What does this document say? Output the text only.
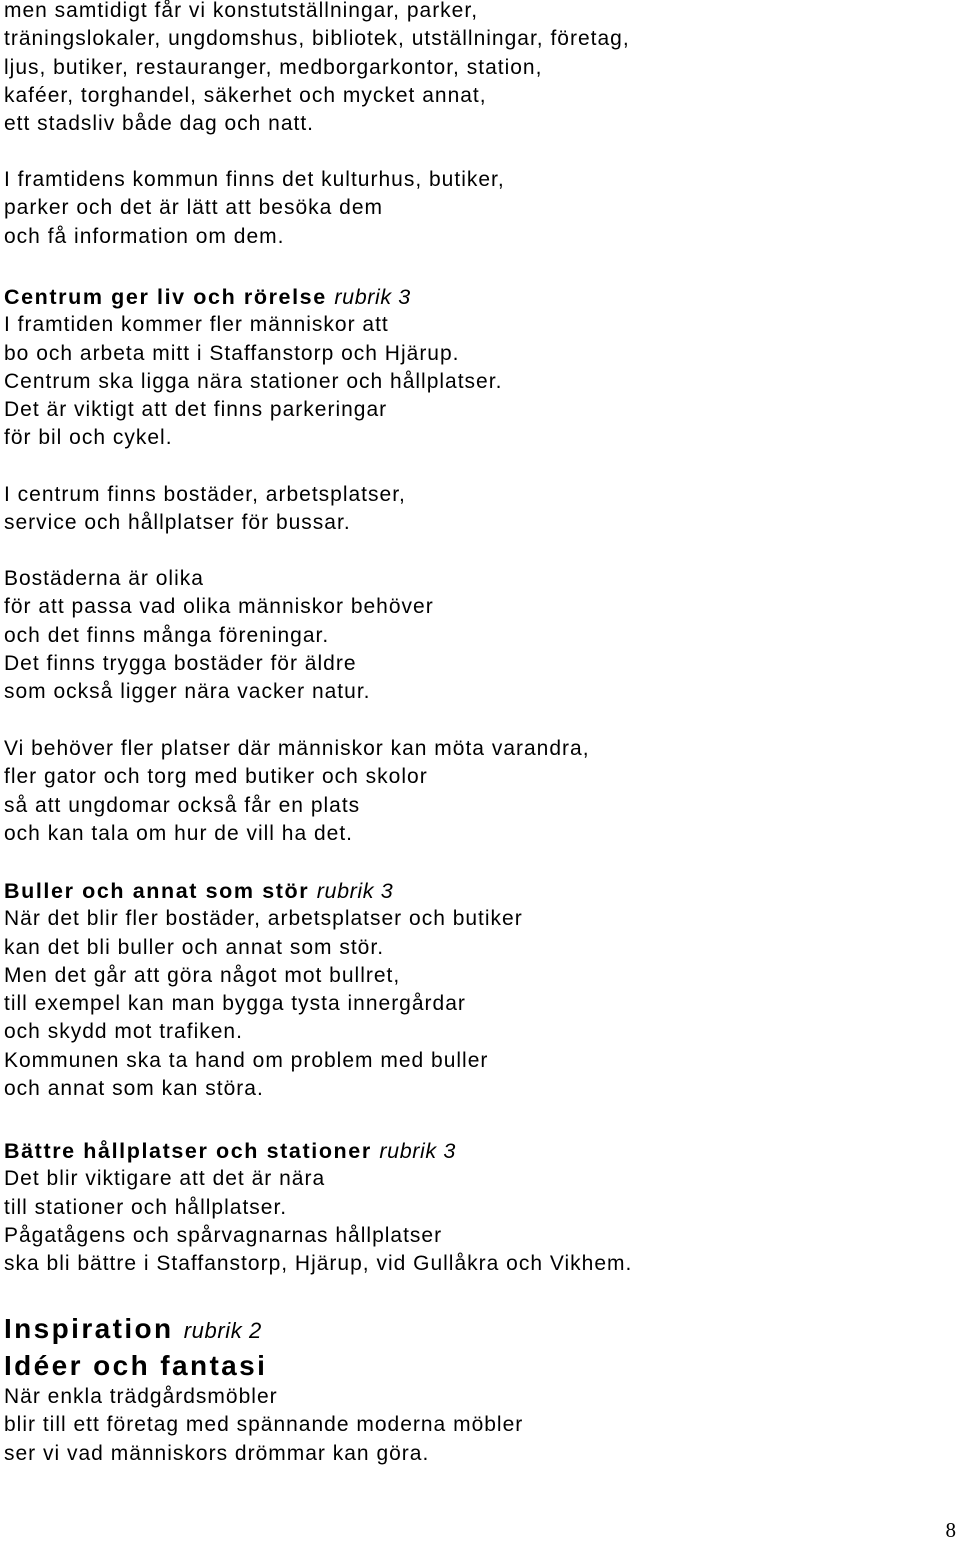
men samtidigt får vi konstutställningar, parker,
träningslokaler, ungdomshus, bibliotek, utställningar, företag,
ljus, butiker, restauranger, medborgarkontor, station,
kaféer, torghandel, säkerhet och mycket annat,
ett stadsliv både dag och natt.
I framtidens kommun finns det kulturhus, butiker,
parker och det är lätt att besöka dem
och få information om dem.
Centrum ger liv och rörelse rubrik 3
I framtiden kommer fler människor att
bo och arbeta mitt i Staffanstorp och Hjärup.
Centrum ska ligga nära stationer och hållplatser.
Det är viktigt att det finns parkeringar
för bil och cykel.
I centrum finns bostäder, arbetsplatser,
service och hållplatser för bussar.
Bostäderna är olika
för att passa vad olika människor behöver
och det finns många föreningar.
Det finns trygga bostäder för äldre
som också ligger nära vacker natur.
Vi behöver fler platser där människor kan möta varandra,
fler gator och torg med butiker och skolor
så att ungdomar också får en plats
och kan tala om hur de vill ha det.
Buller och annat som stör rubrik 3
När det blir fler bostäder, arbetsplatser och butiker
kan det bli buller och annat som stör.
Men det går att göra något mot bullret,
till exempel kan man bygga tysta innergårdar
och skydd mot trafiken.
Kommunen ska ta hand om problem med buller
och annat som kan störa.
Bättre hållplatser och stationer rubrik 3
Det blir viktigare att det är nära
till stationer och hållplatser.
Pågatågens och spårvagnarnas hållplatser
ska bli bättre i Staffanstorp, Hjärup, vid Gullåkra och Vikhem.
Inspiration rubrik 2
Idéer och fantasi
När enkla trädgårdsmöbler
blir till ett företag med spännande moderna möbler
ser vi vad människors drömmar kan göra.
8
